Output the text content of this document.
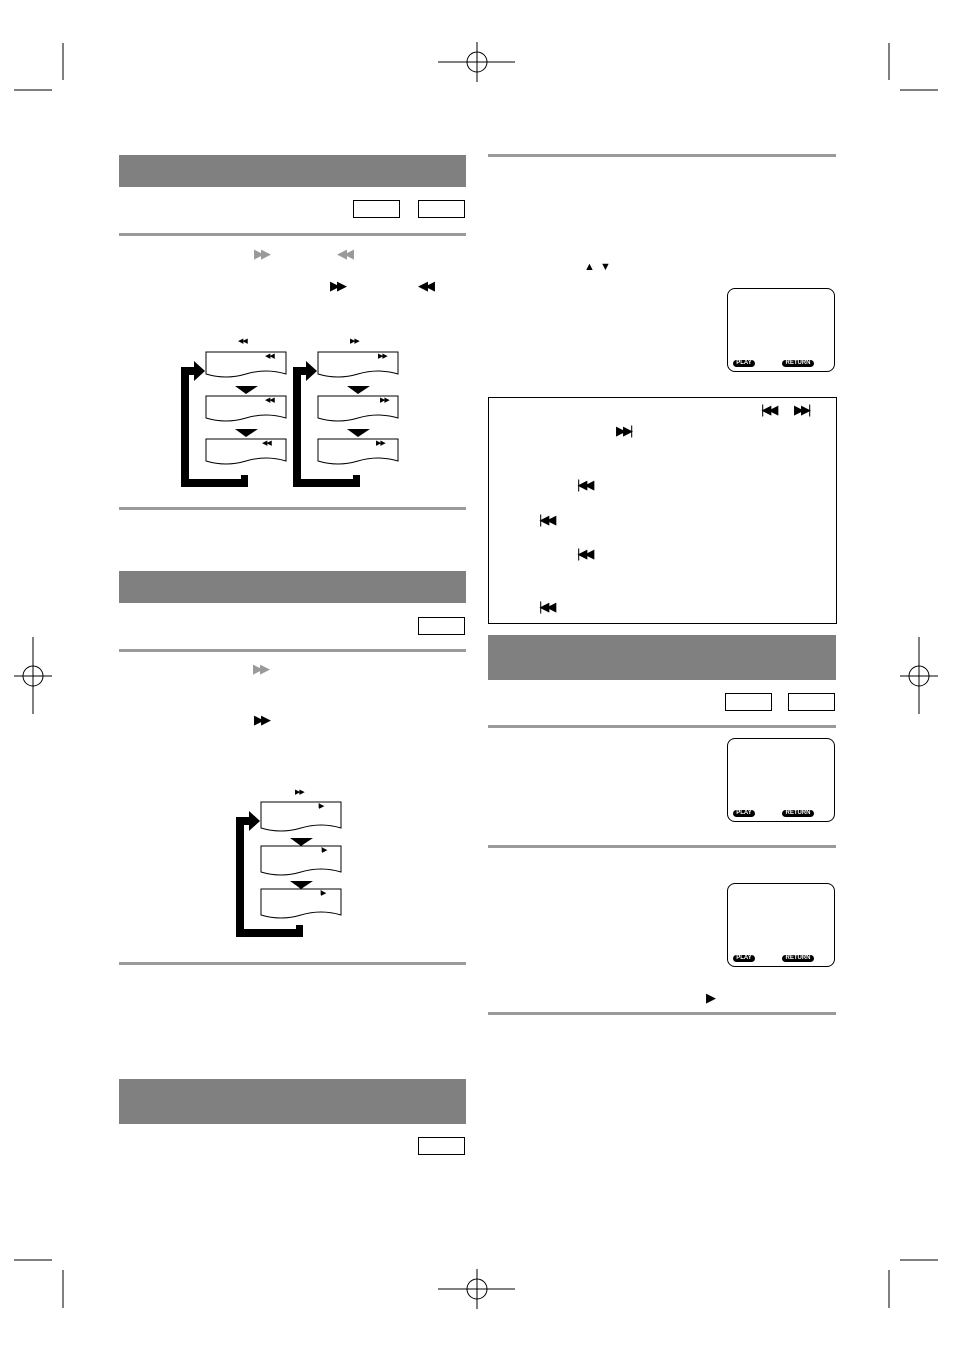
▶▶	◀◀
▶▶	◀◀
◀◀	▶▶
◀◀
◀◀
◀◀
▶▶
▶▶
▶▶
▶▶
▶▶
▶▶
I▶
I▶
I▶
▲ ▼
PLAY	RETURN
|◀◀ ▶▶|
▶▶|
|◀◀
|◀◀
|◀◀
|◀◀
PLAY	RETURN
PLAY	RETURN
▶
